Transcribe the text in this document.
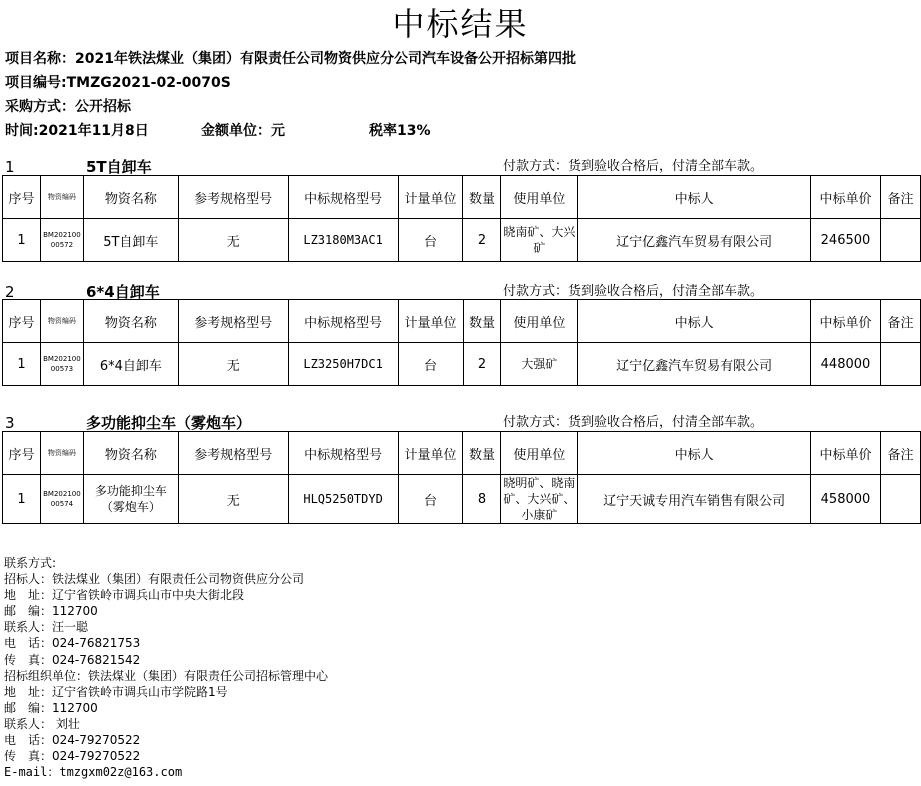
中标结果
项目名称：2021年铁法煤业（集团）有限责任公司物资供应分公司汽车设备公开招标第四批
项目编号:TMZG2021-02-0070S
采购方式：公开招标
时间:2021年11月8日	金额单位：元	税率13%
1	5T自卸车	付款方式：货到验收合格后，付清全部车款。
序号	物资编码	物资名称	参考规格型号	中标规格型号	计量单位	数量	使用单位	中标人	中标单价	备注
1	BM20210000572	5T自卸车	无	LZ3180M3AC1	台	2	晓南矿、大兴矿	辽宁亿鑫汽车贸易有限公司	246500	
2	6*4自卸车	付款方式：货到验收合格后，付清全部车款。
序号	物资编码	物资名称	参考规格型号	中标规格型号	计量单位	数量	使用单位	中标人	中标单价	备注
1	BM20210000573	6*4自卸车	无	LZ3250H7DC1	台	2	大强矿	辽宁亿鑫汽车贸易有限公司	448000	
3	多功能抑尘车（雾炮车）	付款方式：货到验收合格后，付清全部车款。
序号	物资编码	物资名称	参考规格型号	中标规格型号	计量单位	数量	使用单位	中标人	中标单价	备注
1	BM20210000574	多功能抑尘车（雾炮车）	无	HLQ5250TDYD	台	8	晓明矿、晓南矿、大兴矿、小康矿	辽宁天诚专用汽车销售有限公司	458000	
联系方式:
招标人：铁法煤业（集团）有限责任公司物资供应分公司
地　址：辽宁省铁岭市调兵山市中央大街北段
邮　编：112700
联系人：汪一聪
电　话：024-76821753
传　真：024-76821542
招标组织单位：铁法煤业（集团）有限责任公司招标管理中心
地　址：辽宁省铁岭市调兵山市学院路1号
邮　编：112700
联系人： 刘壮
电　话：024-79270522
传　真：024-79270522
E-mail：tmzgxm02z@163.com
